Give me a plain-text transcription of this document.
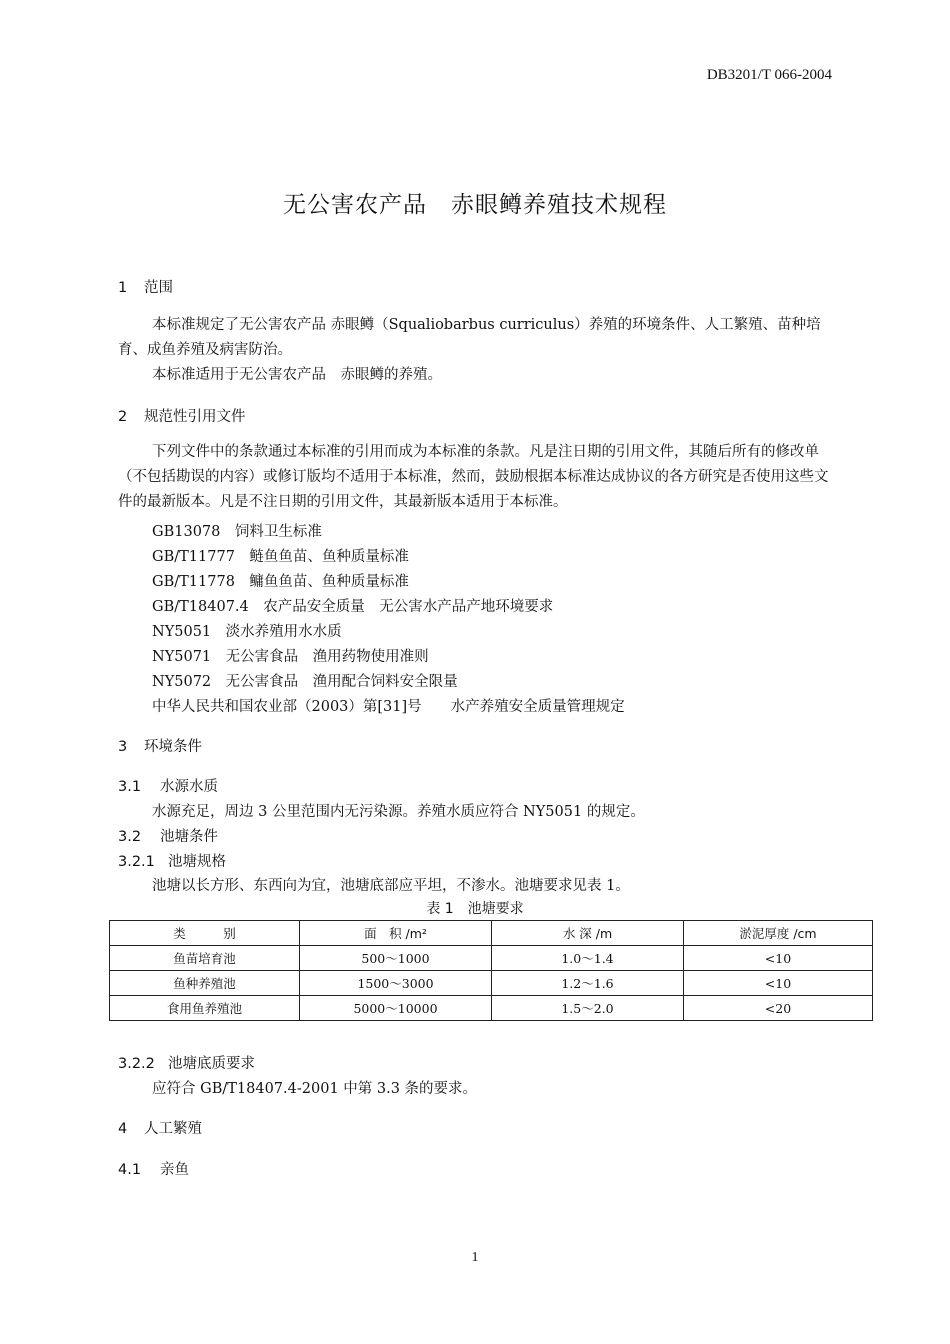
DB3201/T 066-2004
无公害农产品　赤眼鳟养殖技术规程
1 范围
本标准规定了无公害农产品 赤眼鳟（Squaliobarbus curriculus）养殖的环境条件、人工繁殖、苗种培育、成鱼养殖及病害防治。
本标准适用于无公害农产品　赤眼鳟的养殖。
2 规范性引用文件
下列文件中的条款通过本标准的引用而成为本标准的条款。凡是注日期的引用文件，其随后所有的修改单（不包括勘误的内容）或修订版均不适用于本标准，然而，鼓励根据本标准达成协议的各方研究是否使用这些文件的最新版本。凡是不注日期的引用文件，其最新版本适用于本标准。
GB13078　饲料卫生标准
GB/T11777　鲢鱼鱼苗、鱼种质量标准
GB/T11778　鳙鱼鱼苗、鱼种质量标准
GB/T18407.4　农产品安全质量　无公害水产品产地环境要求
NY5051　淡水养殖用水水质
NY5071　无公害食品　渔用药物使用准则
NY5072　无公害食品　渔用配合饲料安全限量
中华人民共和国农业部（2003）第[31]号　　水产养殖安全质量管理规定
3 环境条件
3.1 水源水质
水源充足，周边 3 公里范围内无污染源。养殖水质应符合 NY5051 的规定。
3.2 池塘条件
3.2.1 池塘规格
池塘以长方形、东西向为宜，池塘底部应平坦，不渗水。池塘要求见表 1。
表 1　池塘要求
类　　　别	面　积 /m²	水 深 /m	淤泥厚度 /cm
鱼苗培育池	500～1000	1.0～1.4	<10
鱼种养殖池	1500～3000	1.2～1.6	<10
食用鱼养殖池	5000～10000	1.5～2.0	<20
3.2.2 池塘底质要求
应符合 GB/T18407.4-2001 中第 3.3 条的要求。
4 人工繁殖
4.1 亲鱼
1
